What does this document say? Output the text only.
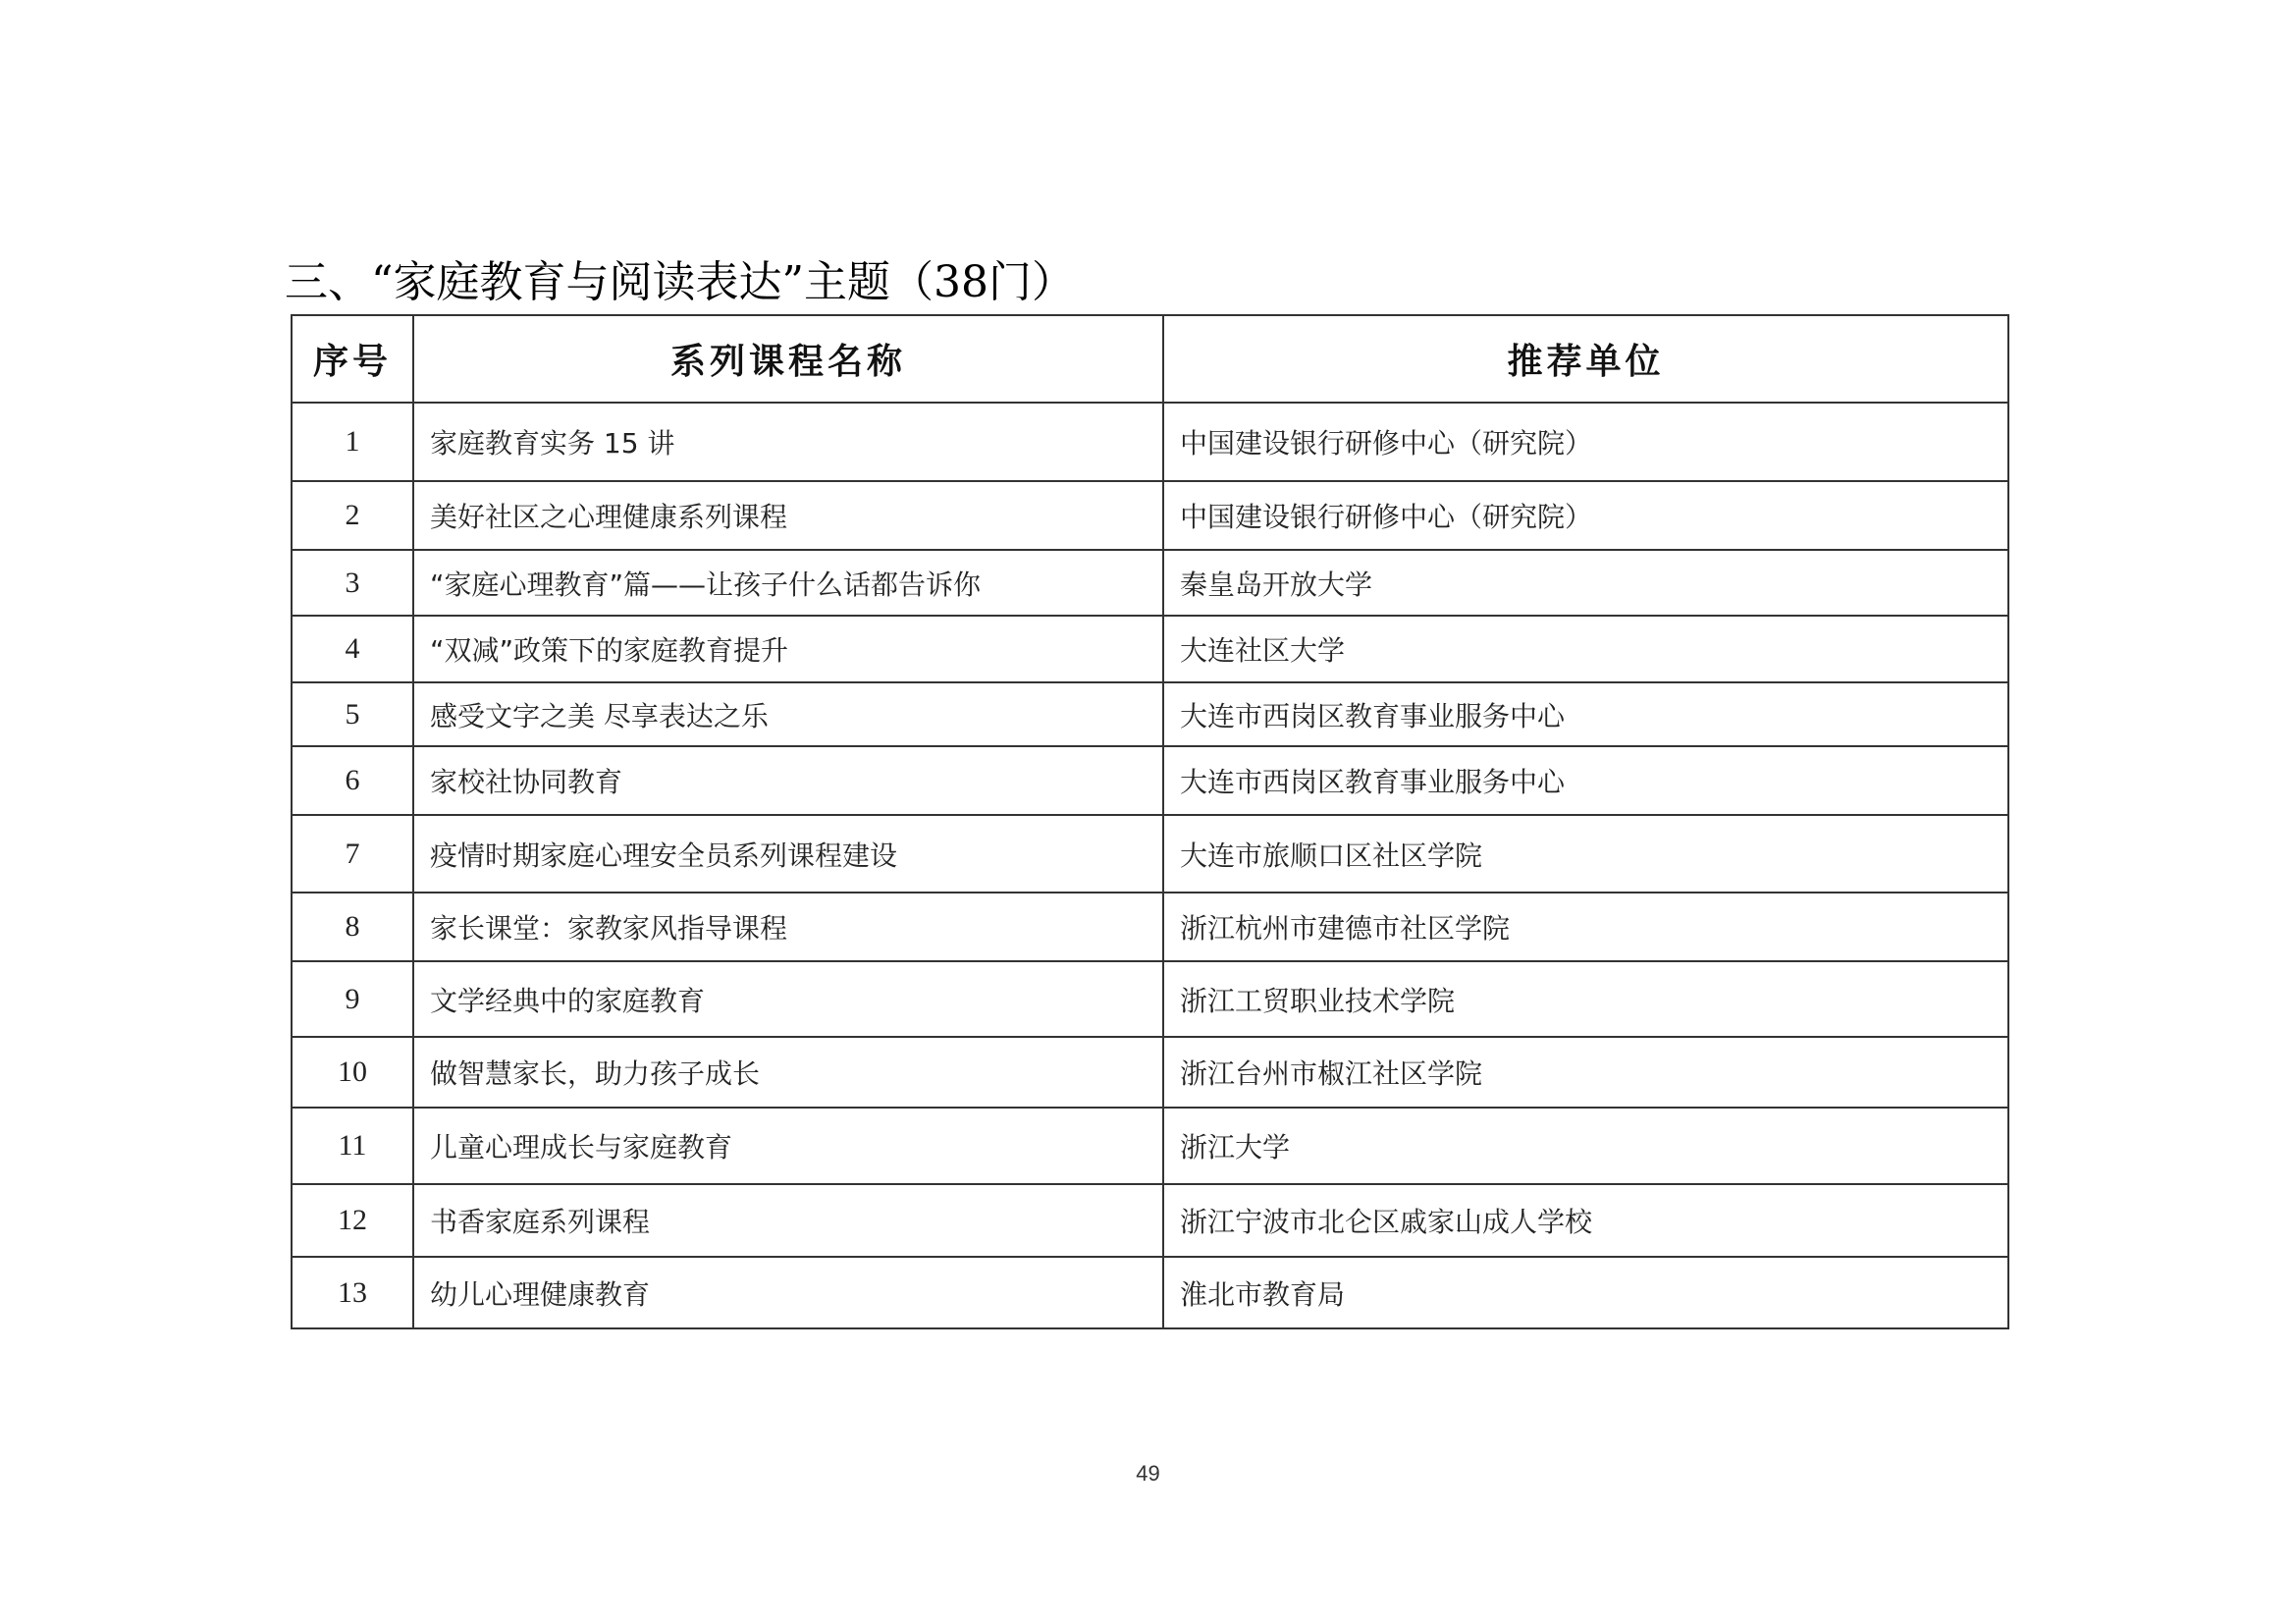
三、“家庭教育与阅读表达”主题（38门）
序号	系列课程名称	推荐单位
1	家庭教育实务 15 讲	中国建设银行研修中心（研究院）
2	美好社区之心理健康系列课程	中国建设银行研修中心（研究院）
3	“家庭心理教育”篇——让孩子什么话都告诉你	秦皇岛开放大学
4	“双减”政策下的家庭教育提升	大连社区大学
5	感受文字之美 尽享表达之乐	大连市西岗区教育事业服务中心
6	家校社协同教育	大连市西岗区教育事业服务中心
7	疫情时期家庭心理安全员系列课程建设	大连市旅顺口区社区学院
8	家长课堂：家教家风指导课程	浙江杭州市建德市社区学院
9	文学经典中的家庭教育	浙江工贸职业技术学院
10	做智慧家长，助力孩子成长	浙江台州市椒江社区学院
11	儿童心理成长与家庭教育	浙江大学
12	书香家庭系列课程	浙江宁波市北仑区戚家山成人学校
13	幼儿心理健康教育	淮北市教育局
49
